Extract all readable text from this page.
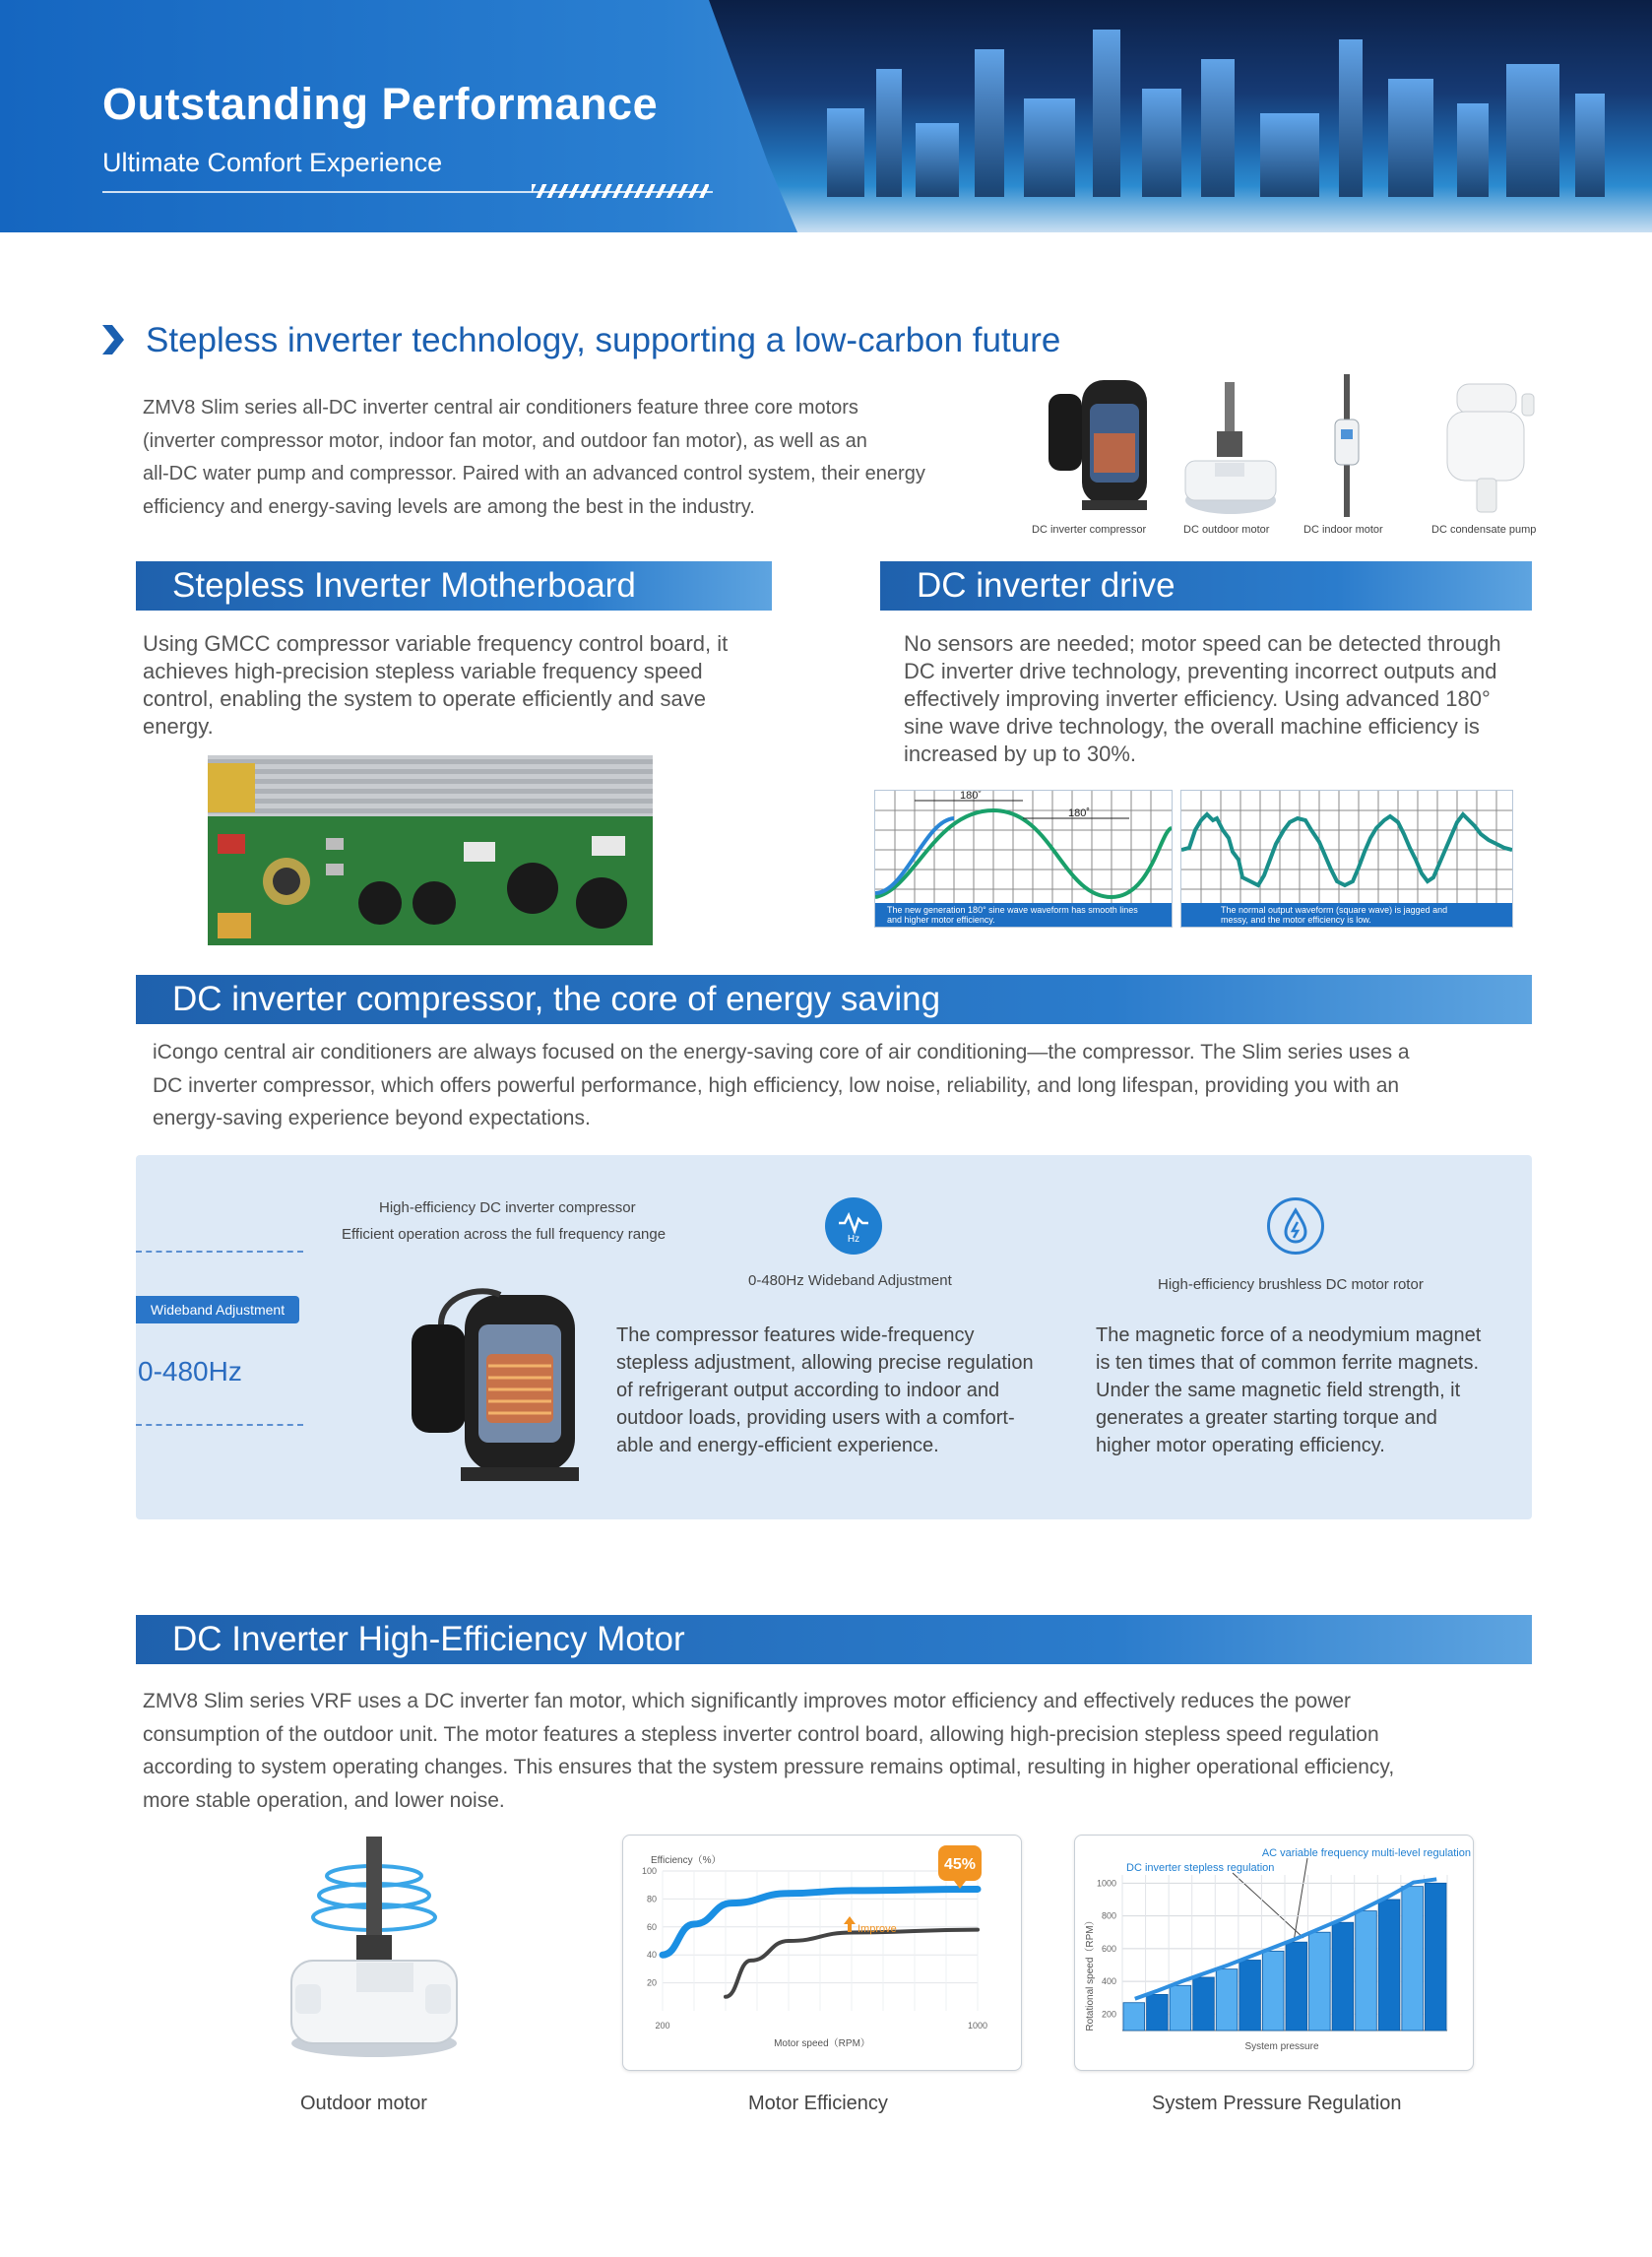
Outstanding Performance
Ultimate Comfort Experience
Stepless inverter technology, supporting a low-carbon future
ZMV8 Slim series all-DC inverter central air conditioners feature three core motors
(inverter compressor motor, indoor fan motor, and outdoor fan motor), as well as an
all-DC water pump and compressor. Paired with an advanced control system, their energy
efficiency and energy-saving levels are among the best in the industry.
DC inverter compressor	DC outdoor motor	DC indoor motor	DC condensate pump
Stepless Inverter Motherboard
Using GMCC compressor variable frequency control board, it
achieves high-precision stepless variable frequency speed
control, enabling the system to operate efficiently and save
energy.
DC inverter drive
No sensors are needed; motor speed can be detected through
DC inverter drive technology, preventing incorrect outputs and
effectively improving inverter efficiency. Using advanced 180°
sine wave drive technology, the overall machine efficiency is
increased by up to 30%.
180˚
180˚
The new generation 180° sine wave waveform has smooth lines
and higher motor efficiency.
The normal output waveform (square wave) is jagged and
messy, and the motor efficiency is low.
DC inverter compressor, the core of energy saving
iCongo central air conditioners are always focused on the energy-saving core of air conditioning—the compressor. The Slim series uses a
DC inverter compressor, which offers powerful performance, high efficiency, low noise, reliability, and long lifespan, providing you with an
energy-saving experience beyond expectations.
Wideband Adjustment
0-480Hz
High-efficiency DC inverter compressor
Efficient operation across the full frequency range	Hz
0-480Hz Wideband Adjustment	High-efficiency brushless DC motor rotor
The compressor features wide-frequency
stepless adjustment, allowing precise regulation
of refrigerant output according to indoor and
outdoor loads, providing users with a comfort-
able and energy-efficient experience.
The magnetic force of a neodymium magnet
is ten times that of common ferrite magnets.
Under the same magnetic field strength, it
generates a greater starting torque and
higher motor operating efficiency.
DC Inverter High-Efficiency Motor
ZMV8 Slim series VRF uses a DC inverter fan motor, which significantly improves motor efficiency and effectively reduces the power
consumption of the outdoor unit. The motor features a stepless inverter control board, allowing high-precision stepless speed regulation
according to system operating changes. This ensures that the system pressure remains optimal, resulting in higher operational efficiency,
more stable operation, and lower noise.
Efficiency（%）
Motor speed（RPM）
100
80
60
40
20
200	1000
Improve
45%
Rotational speed（RPM）
System pressure
AC variable frequency multi-level regulation
DC inverter stepless regulation
1000
800
600
400
200
Outdoor motor	Motor Efficiency	System Pressure Regulation
